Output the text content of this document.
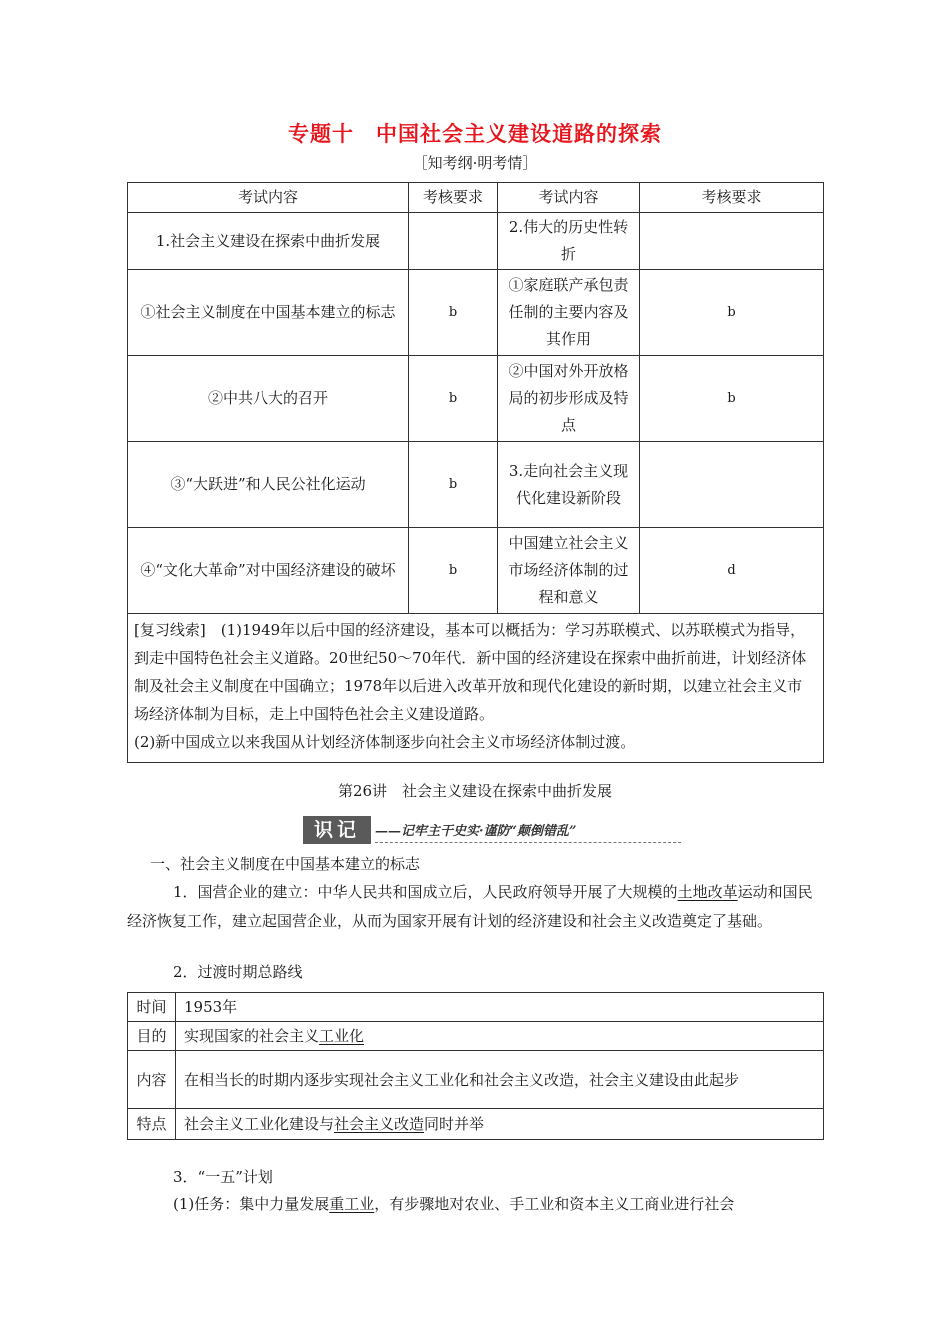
专题十　中国社会主义建设道路的探索
［知考纲·明考情］
考试内容	考核要求	考试内容	考核要求
1.社会主义建设在探索中曲折发展		2.伟大的历史性转折	
①社会主义制度在中国基本建立的标志	b	①家庭联产承包责任制的主要内容及其作用	b
②中共八大的召开	b	②中国对外开放格局的初步形成及特点	b
③“大跃进”和人民公社化运动	b	3.走向社会主义现代化建设新阶段	
④“文化大革命”对中国经济建设的破坏	b	中国建立社会主义市场经济体制的过程和意义	d

[复习线索]　 (1)1949年以后中国的经济建设，基本可以概括为：学习苏联模式、以苏联模式为指导，到走中国特色社会主义道路。20世纪50～70年代．新中国的经济建设在探索中曲折前进，计划经济体制及社会主义制度在中国确立；1978年以后进入改革开放和现代化建设的新时期，以建立社会主义市场经济体制为目标，走上中国特色社会主义建设道路。
(2)新中国成立以来我国从计划经济体制逐步向社会主义市场经济体制过渡。			
第26讲　社会主义建设在探索中曲折发展
识记	——记牢主干史实·谨防“颠倒错乱”
一、社会主义制度在中国基本建立的标志
1．国营企业的建立：中华人民共和国成立后，人民政府领导开展了大规模的土地改革运动和国民经济恢复工作，建立起国营企业，从而为国家开展有计划的经济建设和社会主义改造奠定了基础。
2．过渡时期总路线
时间	1953年
目的	实现国家的社会主义工业化
内容	在相当长的时期内逐步实现社会主义工业化和社会主义改造，社会主义建设由此起步
特点	社会主义工业化建设与社会主义改造同时并举
3．“一五”计划
(1)任务：集中力量发展重工业，有步骤地对农业、手工业和资本主义工商业进行社会
